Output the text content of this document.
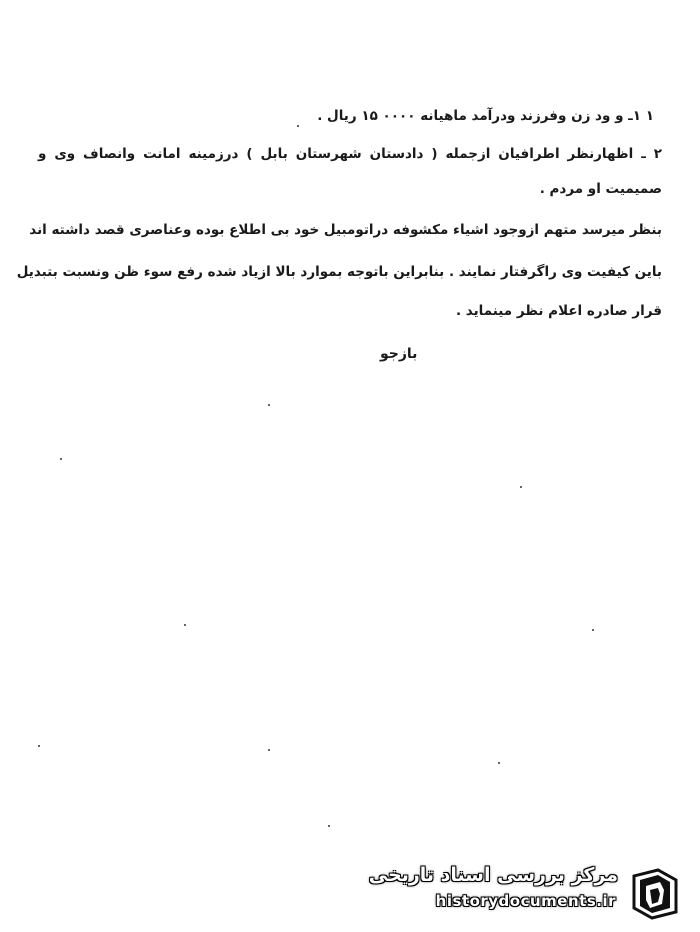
۱ ۱ـ و ود زن وفرزند ودرآمد ماهیانه ۰۰۰۰ ۱۵ ریال .
۲ ـ اظهارنظر اطرافیان ازجمله ( دادستان شهرستان بابل ) درزمینه امانت وانصاف وی و
صمیمیت او مردم .
بنظر میرسد متهم ازوجود اشیاء مکشوفه دراتومبیل خود بی اطلاع بوده وعناصری قصد داشته اند
باین کیفیت وی راگرفتار نمایند . بنابراین باتوجه بموارد بالا ازیاد شده رفع سوء ظن ونسبت بتبدیل
قرار صادره اعلام نظر مینماید .
بازجو
مرکز بررسی اسناد تاریخی
historydocuments.ir
